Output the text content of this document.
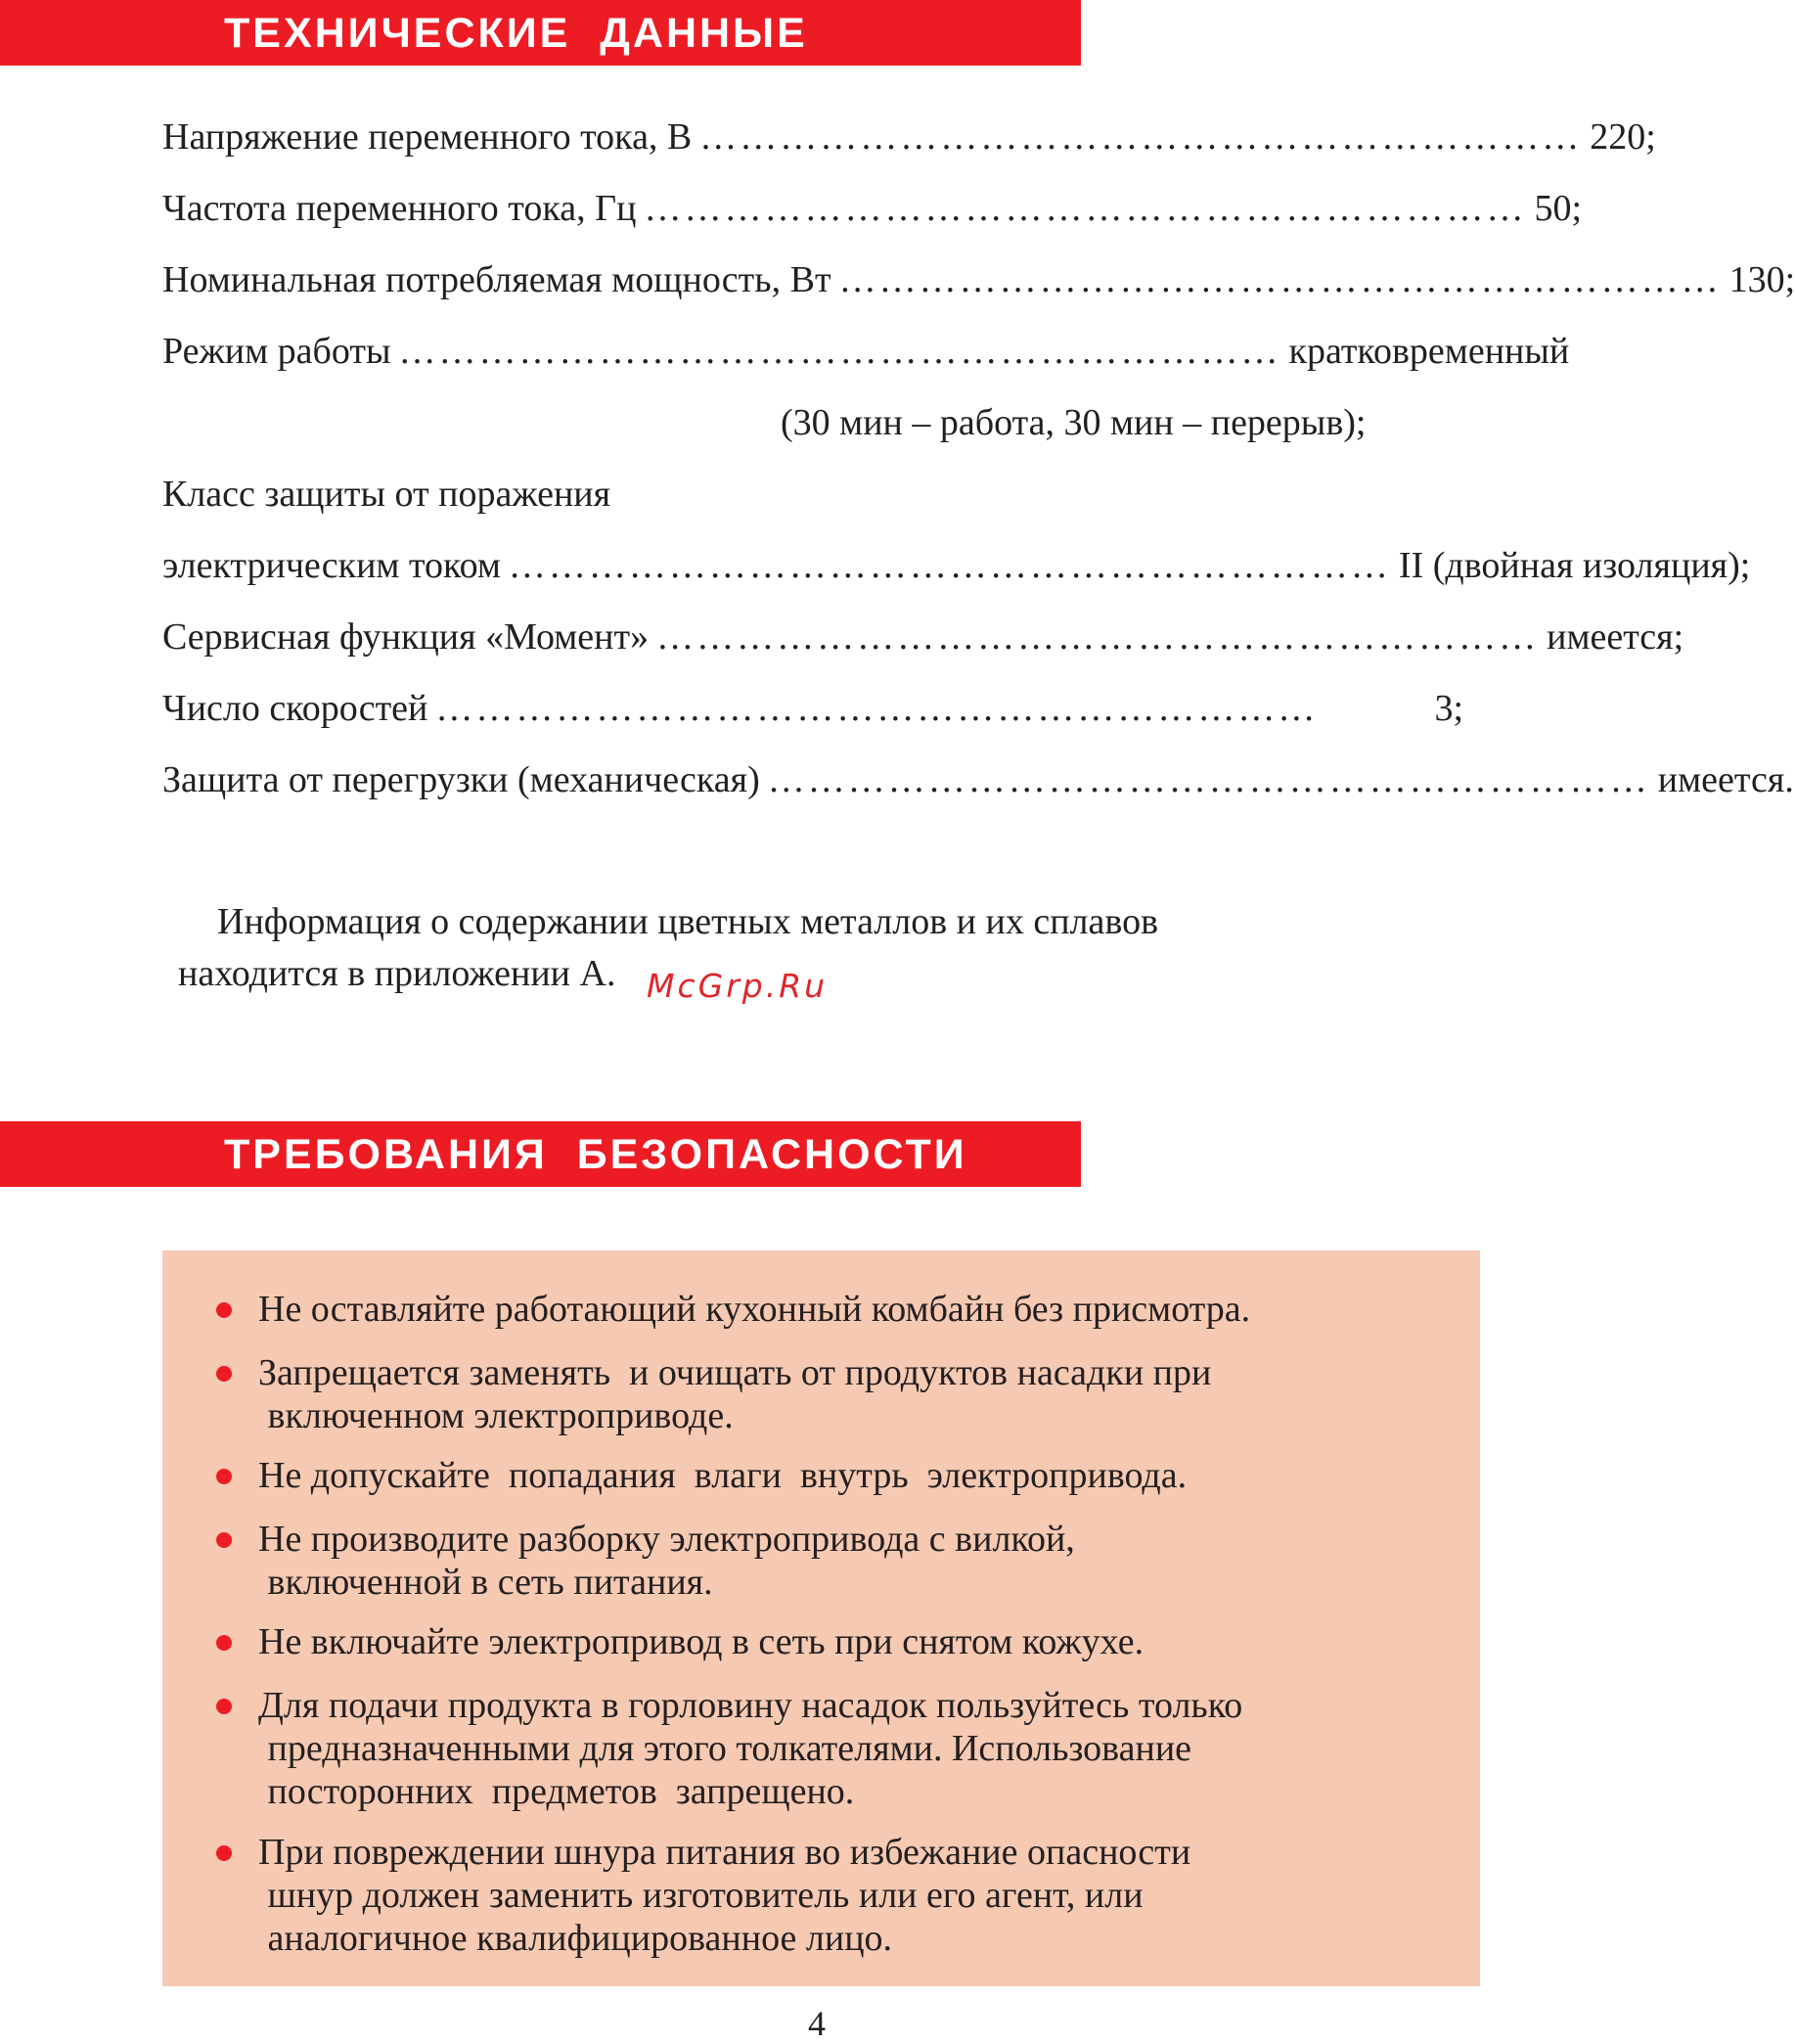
ТЕХНИЧЕСКИЕ  ДАННЫЕ
Напряжение переменного тока, В ………………………………………………………… 220;
Частота переменного тока, Гц ………………………………………………………… 50;
Номинальная потребляемая мощность, Вт ………………………………………………………… 130;
Режим работы ………………………………………………………… кратковременный
(30 мин – работа, 30 мин – перерыв);
Класс защиты от поражения
электрическим током ………………………………………………………… II (двойная изоляция);
Сервисная функция «Момент» ………………………………………………………… имеется;
Число скоростей …………………………………………………………	3;
Защита от перегрузки (механическая) ………………………………………………………… имеется.
Информация о содержании цветных металлов и их сплавов
находится в приложении А. McGrp.Ru
ТРЕБОВАНИЯ  БЕЗОПАСНОСТИ
Не оставляйте работающий кухонный комбайн без присмотра.
Запрещается заменять  и очищать от продуктов насадки при
включенном электроприводе.
Не допускайте  попадания  влаги  внутрь  электропривода.
Не производите разборку электропривода с вилкой,
включенной в сеть питания.
Не включайте электропривод в сеть при снятом кожухе.
Для подачи продукта в горловину насадок пользуйтесь только
предназначенными для этого толкателями. Использование
посторонних  предметов  запрещено.
При повреждении шнура питания во избежание опасности
шнур должен заменить изготовитель или его агент, или
аналогичное квалифицированное лицо.
4
